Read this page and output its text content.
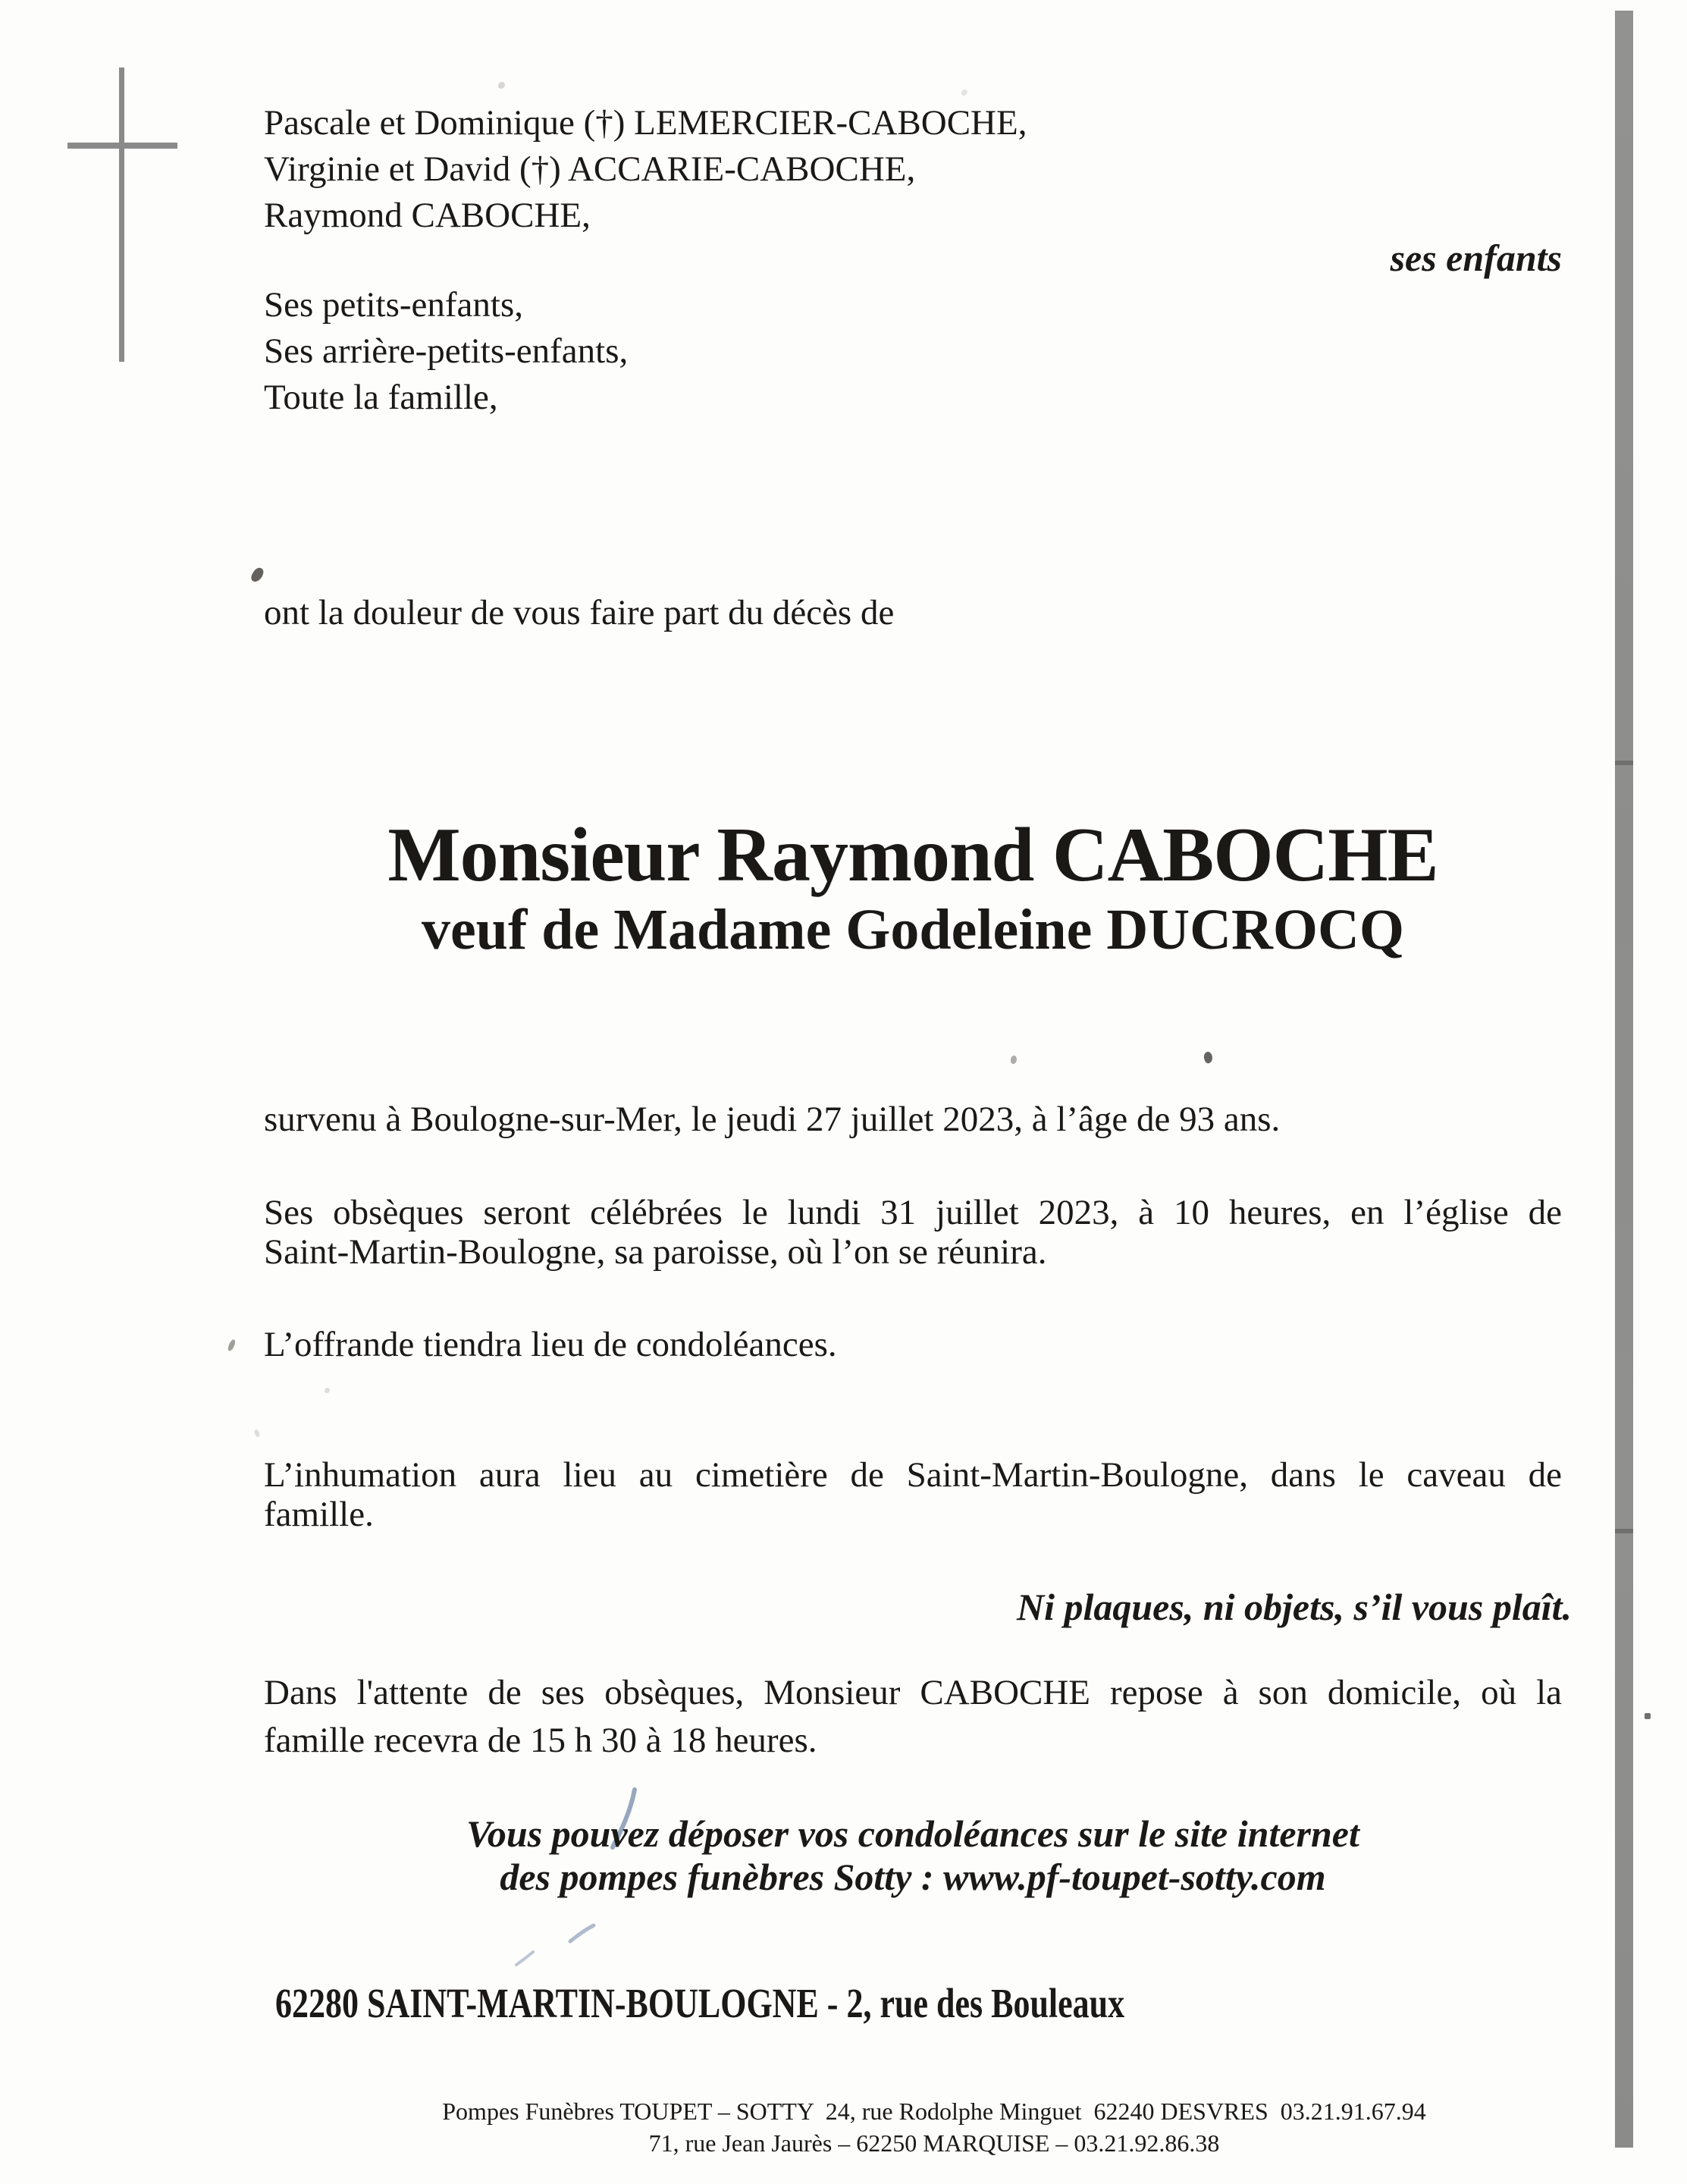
Pascale et Dominique (†) LEMERCIER-CABOCHE,
Virginie et David (†) ACCARIE-CABOCHE,
Raymond CABOCHE,
ses enfants
Ses petits-enfants,
Ses arrière-petits-enfants,
Toute la famille,
ont la douleur de vous faire part du décès de
Monsieur Raymond CABOCHE
veuf de Madame Godeleine DUCROCQ
survenu à Boulogne-sur-Mer, le jeudi 27 juillet 2023, à l’âge de 93 ans.
Ses obsèques seront célébrées le lundi 31 juillet 2023, à 10 heures, en l’église de
Saint-Martin-Boulogne, sa paroisse, où l’on se réunira.
L’offrande tiendra lieu de condoléances.
L’inhumation aura lieu au cimetière de Saint-Martin-Boulogne, dans le caveau de
famille.
Ni plaques, ni objets, s’il vous plaît.
Dans l'attente de ses obsèques, Monsieur CABOCHE repose à son domicile, où la
famille recevra de 15 h 30 à 18 heures.
Vous pouvez déposer vos condoléances sur le site internet
des pompes funèbres Sotty : www.pf-toupet-sotty.com
62280 SAINT-MARTIN-BOULOGNE - 2, rue des Bouleaux
Pompes Funèbres TOUPET – SOTTY  24, rue Rodolphe Minguet  62240 DESVRES  03.21.91.67.94
71, rue Jean Jaurès – 62250 MARQUISE – 03.21.92.86.38
